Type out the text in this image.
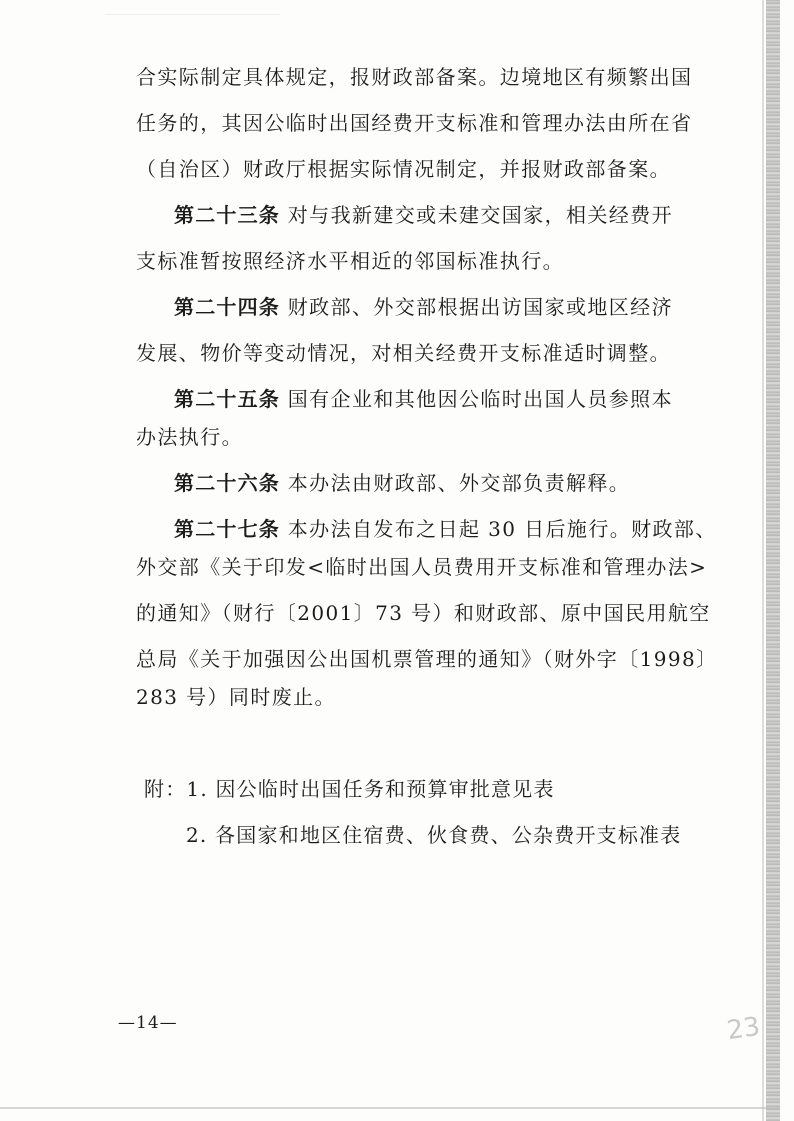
合实际制定具体规定，报财政部备案。边境地区有频繁出国
任务的，其因公临时出国经费开支标准和管理办法由所在省
（自治区）财政厅根据实际情况制定，并报财政部备案。
第二十三条 对与我新建交或未建交国家，相关经费开
支标准暂按照经济水平相近的邻国标准执行。
第二十四条 财政部、外交部根据出访国家或地区经济
发展、物价等变动情况，对相关经费开支标准适时调整。
第二十五条 国有企业和其他因公临时出国人员参照本
办法执行。
第二十六条 本办法由财政部、外交部负责解释。
第二十七条 本办法自发布之日起 30 日后施行。财政部、
外交部《关于印发<临时出国人员费用开支标准和管理办法>
的通知》（财行〔2001〕73 号）和财政部、原中国民用航空
总局《关于加强因公出国机票管理的通知》（财外字〔1998〕
283 号）同时废止。
附：1. 因公临时出国任务和预算审批意见表
2. 各国家和地区住宿费、伙食费、公杂费开支标准表
—14—	23
